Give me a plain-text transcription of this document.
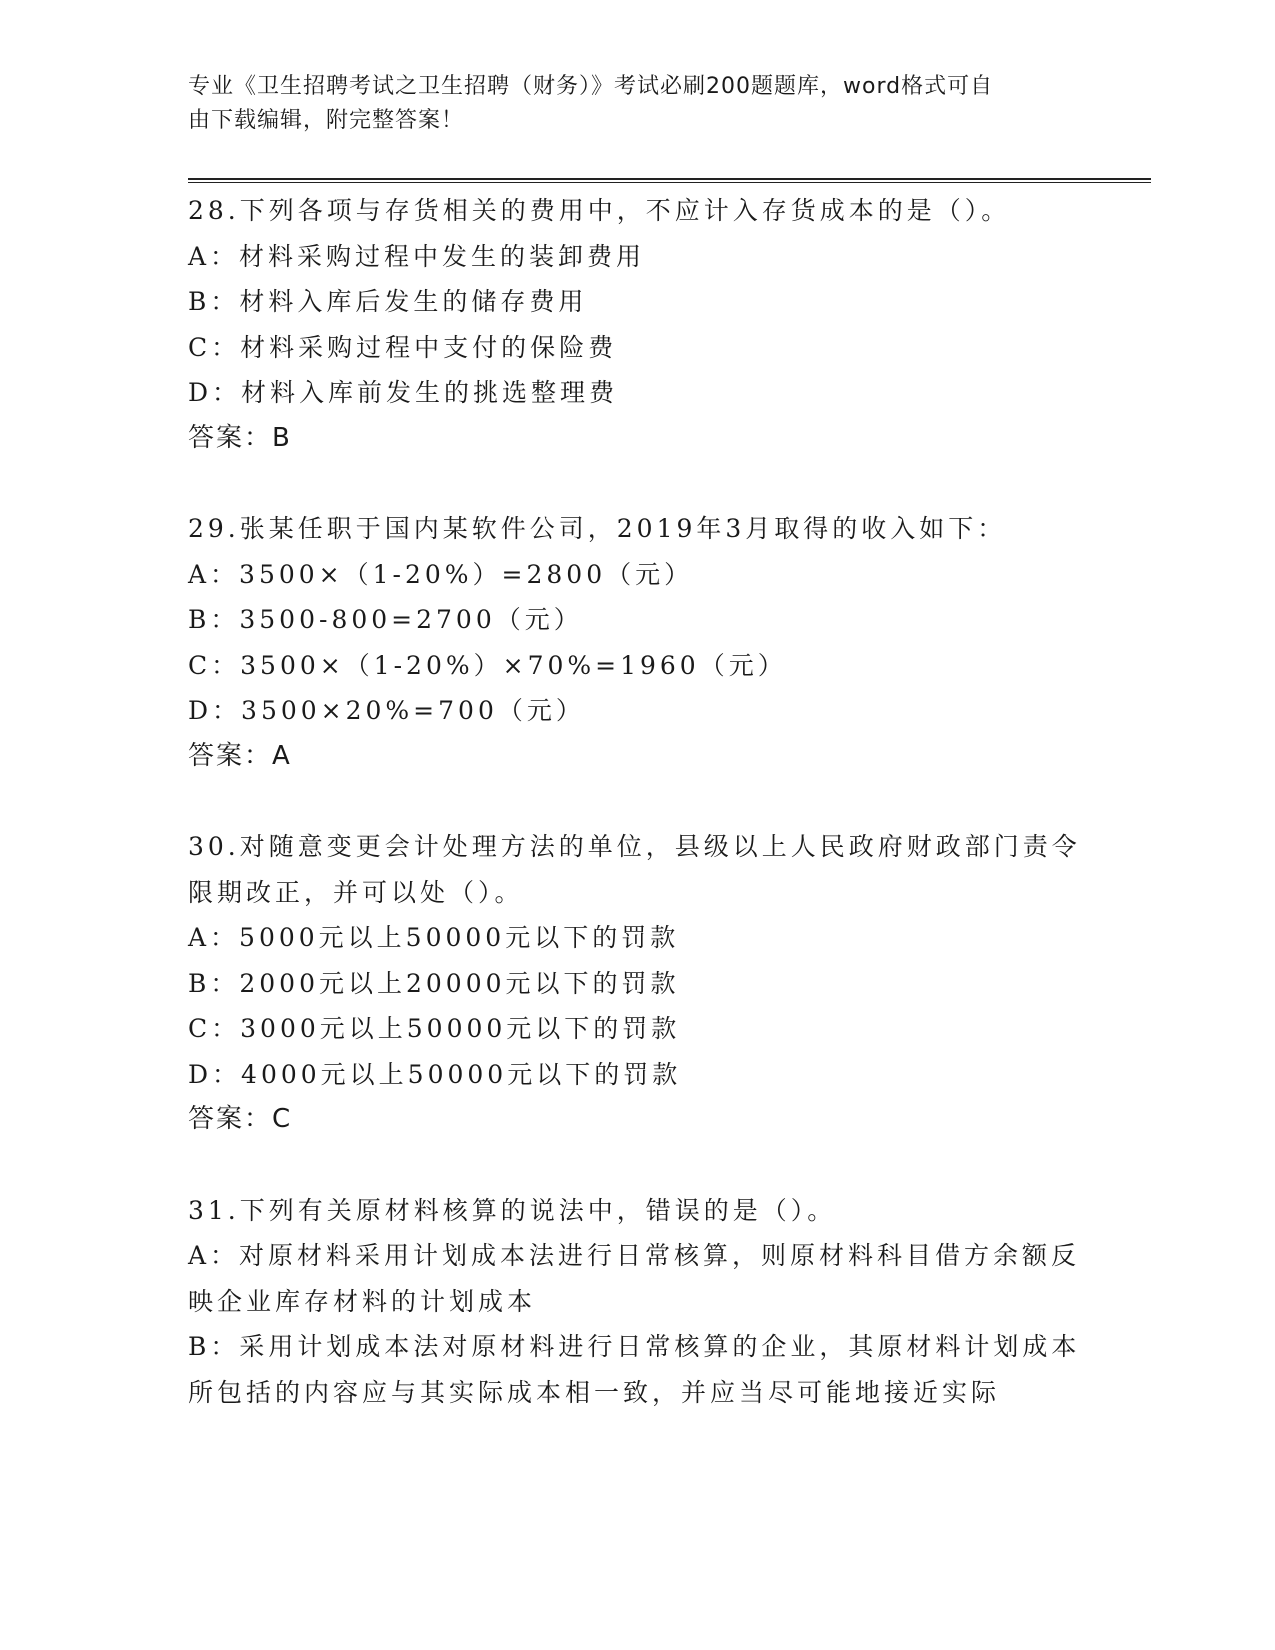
专业《卫生招聘考试之卫生招聘（财务）》考试必刷200题题库，word格式可自
由下载编辑，附完整答案！
28.下列各项与存货相关的费用中，不应计入存货成本的是（）。
A：材料采购过程中发生的装卸费用
B：材料入库后发生的储存费用
C：材料采购过程中支付的保险费
D：材料入库前发生的挑选整理费
答案：B
29.张某任职于国内某软件公司，2019年3月取得的收入如下：
A：3500×（1-20%）=2800（元）
B：3500-800=2700（元）
C：3500×（1-20%）×70%=1960（元）
D：3500×20%=700（元）
答案：A
30.对随意变更会计处理方法的单位，县级以上人民政府财政部门责令
限期改正，并可以处（）。
A：5000元以上50000元以下的罚款
B：2000元以上20000元以下的罚款
C：3000元以上50000元以下的罚款
D：4000元以上50000元以下的罚款
答案：C
31.下列有关原材料核算的说法中，错误的是（）。
A：对原材料采用计划成本法进行日常核算，则原材料科目借方余额反
映企业库存材料的计划成本
B：采用计划成本法对原材料进行日常核算的企业，其原材料计划成本
所包括的内容应与其实际成本相一致，并应当尽可能地接近实际
